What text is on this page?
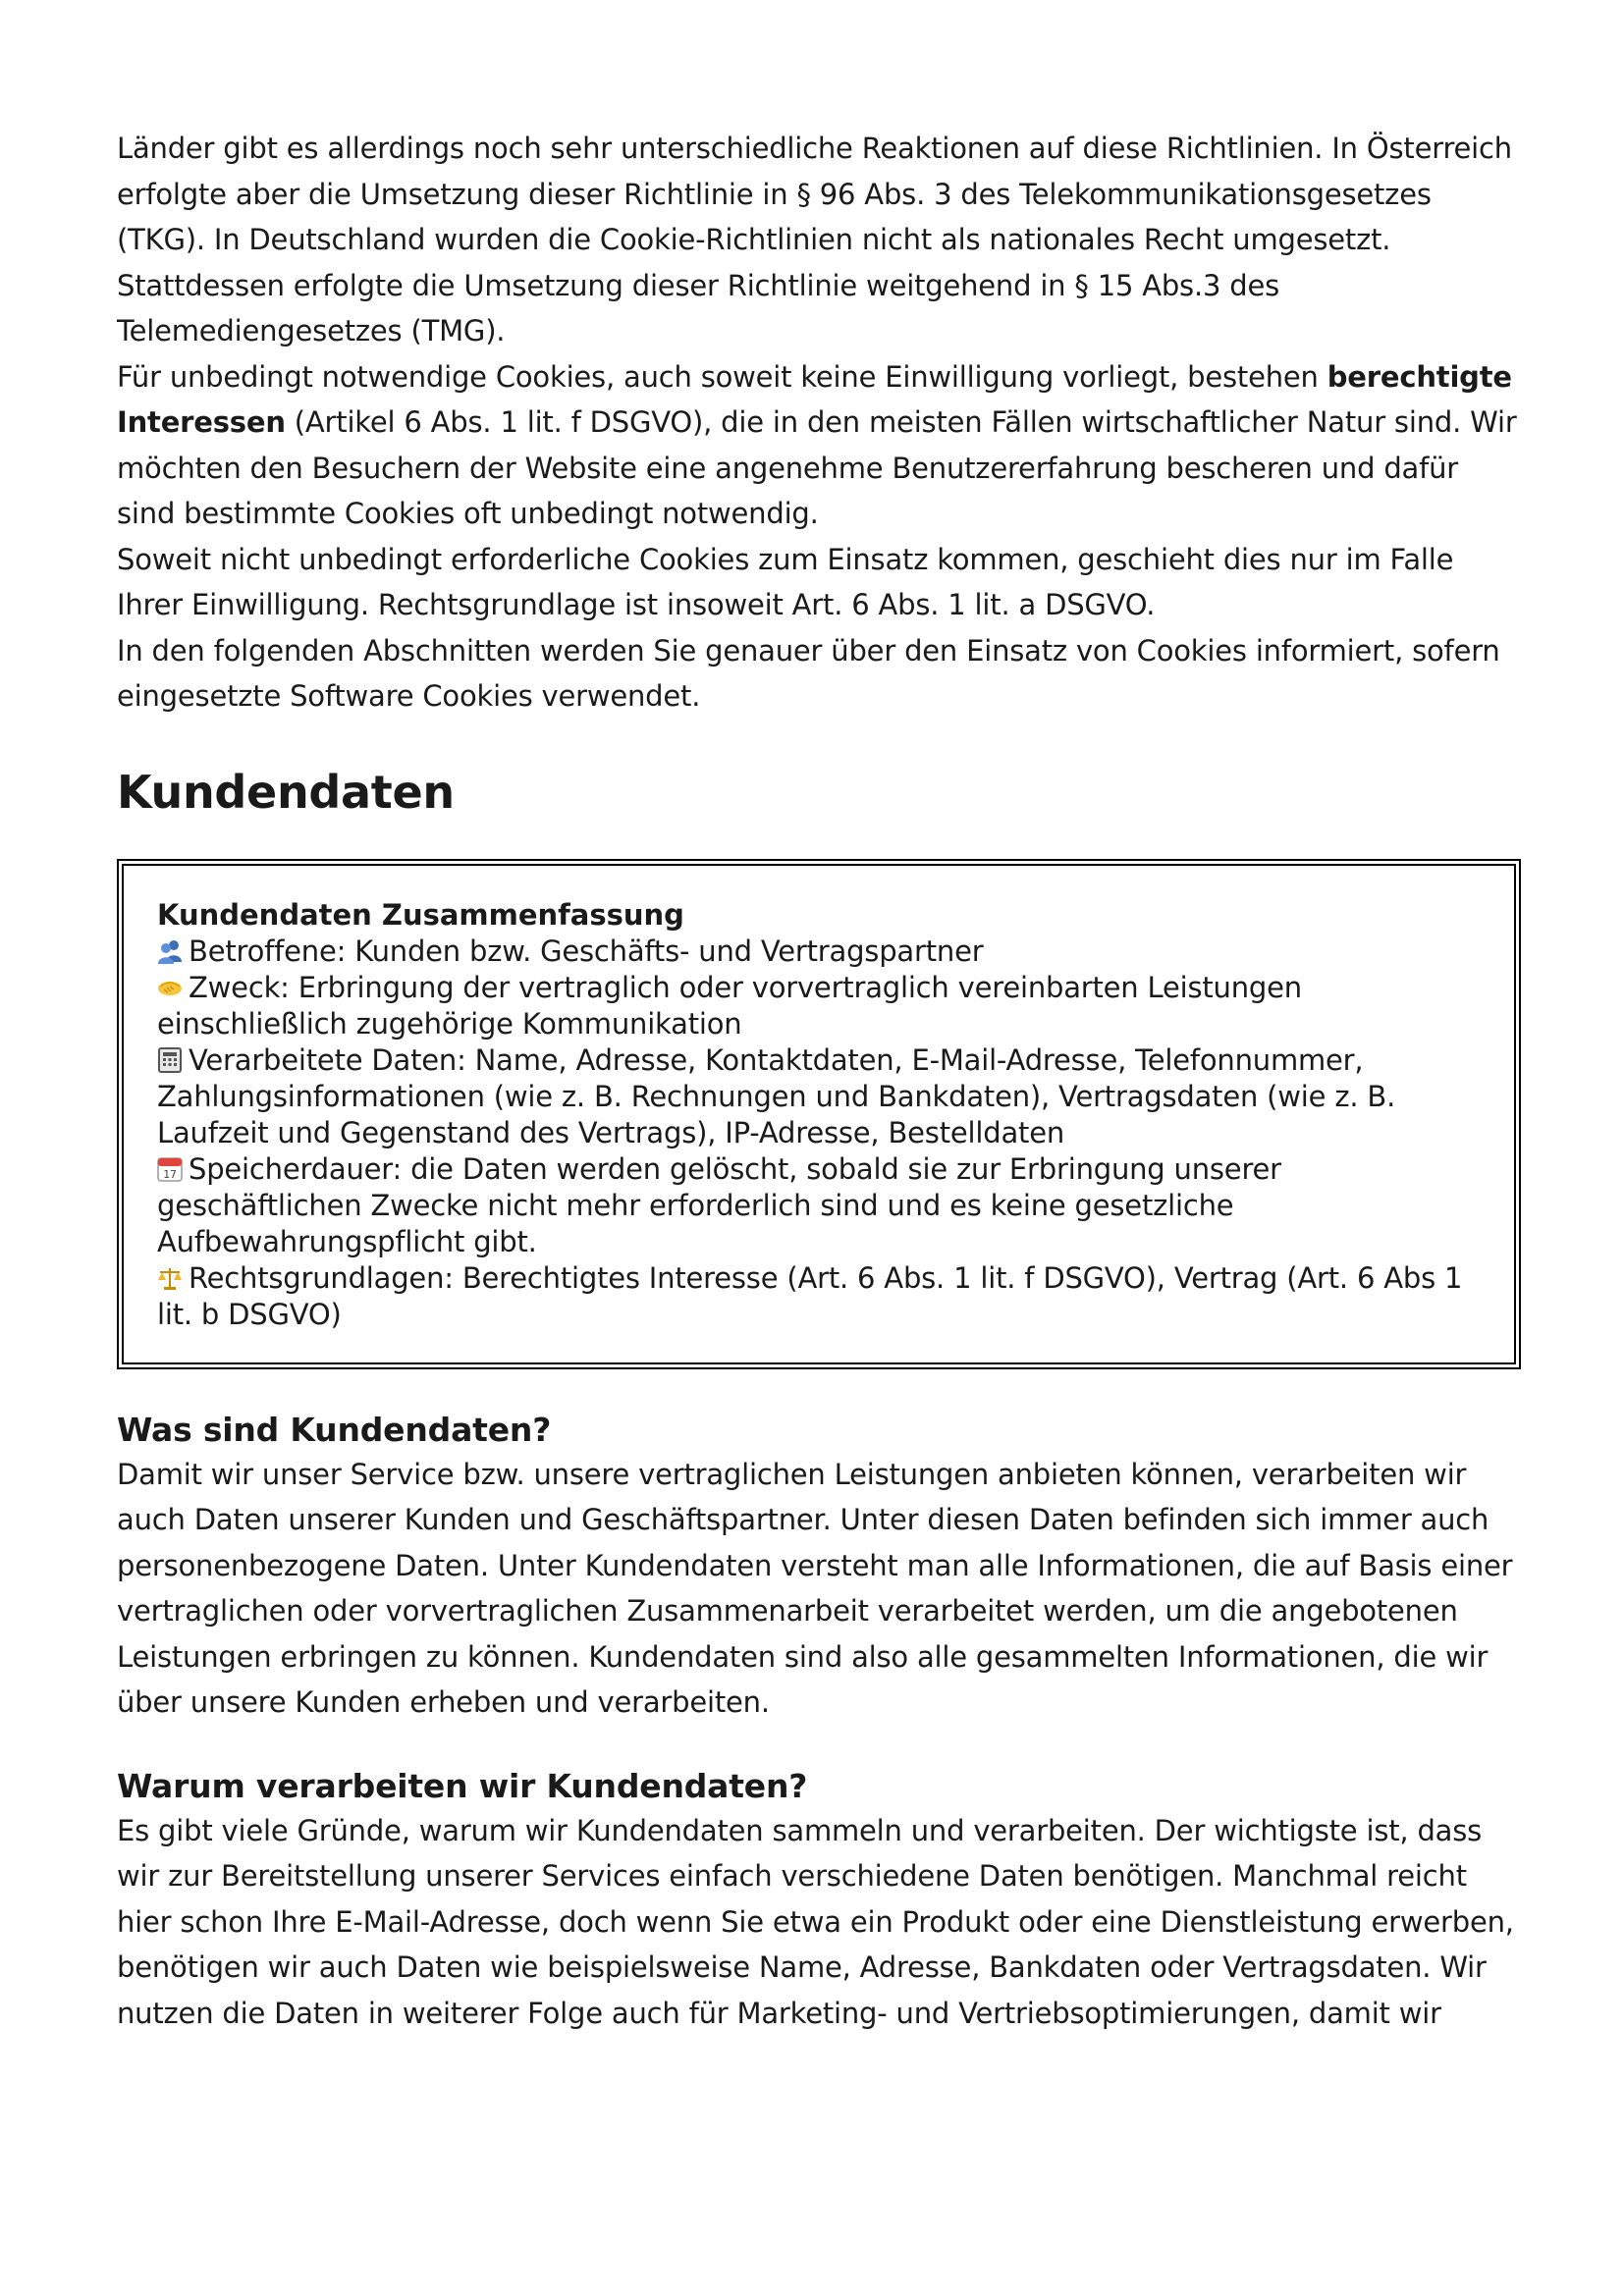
Länder gibt es allerdings noch sehr unterschiedliche Reaktionen auf diese Richtlinien. In Österreich erfolgte aber die Umsetzung dieser Richtlinie in § 96 Abs. 3 des Telekommunikationsgesetzes (TKG). In Deutschland wurden die Cookie-Richtlinien nicht als nationales Recht umgesetzt. Stattdessen erfolgte die Umsetzung dieser Richtlinie weitgehend in § 15 Abs.3 des Telemediengesetzes (TMG).

Für unbedingt notwendige Cookies, auch soweit keine Einwilligung vorliegt, bestehen berechtigte Interessen (Artikel 6 Abs. 1 lit. f DSGVO), die in den meisten Fällen wirtschaftlicher Natur sind. Wir möchten den Besuchern der Website eine angenehme Benutzererfahrung bescheren und dafür sind bestimmte Cookies oft unbedingt notwendig.

Soweit nicht unbedingt erforderliche Cookies zum Einsatz kommen, geschieht dies nur im Falle Ihrer Einwilligung. Rechtsgrundlage ist insoweit Art. 6 Abs. 1 lit. a DSGVO.

In den folgenden Abschnitten werden Sie genauer über den Einsatz von Cookies informiert, sofern eingesetzte Software Cookies verwendet.

Kundendaten

Kundendaten Zusammenfassung

Betroffene: Kunden bzw. Geschäfts- und Vertragspartner

Zweck: Erbringung der vertraglich oder vorvertraglich vereinbarten Leistungen einschließlich zugehörige Kommunikation

Verarbeitete Daten: Name, Adresse, Kontaktdaten, E-Mail-Adresse, Telefonnummer, Zahlungsinformationen (wie z. B. Rechnungen und Bankdaten), Vertragsdaten (wie z. B. Laufzeit und Gegenstand des Vertrags), IP-Adresse, Bestelldaten

17 Speicherdauer: die Daten werden gelöscht, sobald sie zur Erbringung unserer geschäftlichen Zwecke nicht mehr erforderlich sind und es keine gesetzliche Aufbewahrungspflicht gibt.

Rechtsgrundlagen: Berechtigtes Interesse (Art. 6 Abs. 1 lit. f DSGVO), Vertrag (Art. 6 Abs 1 lit. b DSGVO)

Was sind Kundendaten?

Damit wir unser Service bzw. unsere vertraglichen Leistungen anbieten können, verarbeiten wir auch Daten unserer Kunden und Geschäftspartner. Unter diesen Daten befinden sich immer auch personenbezogene Daten. Unter Kundendaten versteht man alle Informationen, die auf Basis einer vertraglichen oder vorvertraglichen Zusammenarbeit verarbeitet werden, um die angebotenen Leistungen erbringen zu können. Kundendaten sind also alle gesammelten Informationen, die wir über unsere Kunden erheben und verarbeiten.

Warum verarbeiten wir Kundendaten?

Es gibt viele Gründe, warum wir Kundendaten sammeln und verarbeiten. Der wichtigste ist, dass wir zur Bereitstellung unserer Services einfach verschiedene Daten benötigen. Manchmal reicht hier schon Ihre E-Mail-Adresse, doch wenn Sie etwa ein Produkt oder eine Dienstleistung erwerben, benötigen wir auch Daten wie beispielsweise Name, Adresse, Bankdaten oder Vertragsdaten. Wir nutzen die Daten in weiterer Folge auch für Marketing- und Vertriebsoptimierungen, damit wir
